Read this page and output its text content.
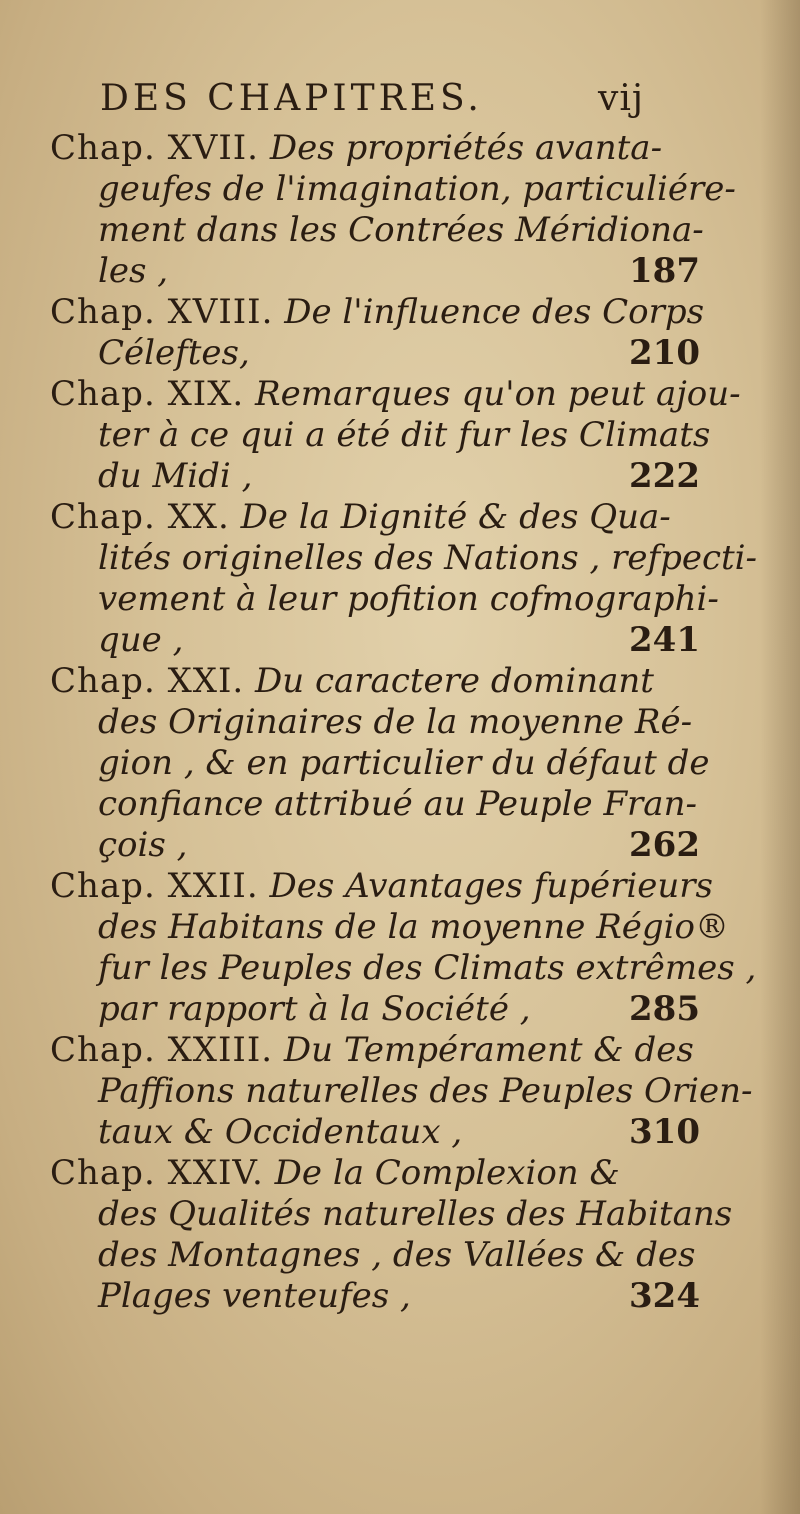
DES CHAPITRES.	vij
Chap. XVII. Des propriétés avanta-
geufes de l'imagination, particuliére-
ment dans les Contrées Méridiona-
les ,	187
Chap. XVIII. De l'influence des Corps
Céleftes,	210
Chap. XIX. Remarques qu'on peut ajou-
ter à ce qui a été dit fur les Climats
du Midi ,	222
Chap. XX. De la Dignité & des Qua-
lités originelles des Nations , refpecti-
vement à leur pofition cofmographi-
que ,	241
Chap. XXI. Du caractere dominant
des Originaires de la moyenne Ré-
gion , & en particulier du défaut de
confiance attribué au Peuple Fran-
çois ,	262
Chap. XXII. Des Avantages fupérieurs
des Habitans de la moyenne Régio®
fur les Peuples des Climats extrêmes ,
par rapport à la Société ,	285
Chap. XXIII. Du Tempérament & des
Paffions naturelles des Peuples Orien-
taux & Occidentaux ,	310
Chap. XXIV. De la Complexion &
des Qualités naturelles des Habitans
des Montagnes , des Vallées & des
Plages venteufes ,	324
